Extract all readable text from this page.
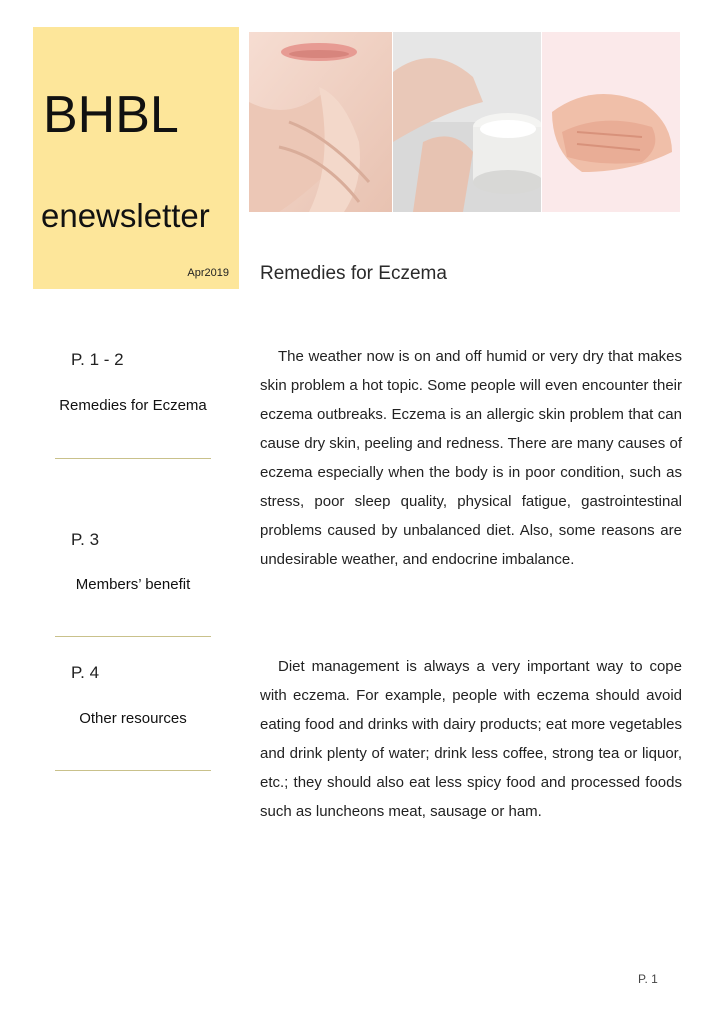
BHBL
enewsletter
Apr2019
P. 1 - 2
Remedies for Eczema
P. 3
Members’ benefit
P. 4
Other resources
Remedies for Eczema

The weather now is on and off humid or very dry that makes skin problem a hot topic. Some people will even encounter their eczema outbreaks. Eczema is an allergic skin problem that can cause dry skin, peeling and redness. There are many causes of eczema especially when the body is in poor condition, such as stress, poor sleep quality, physical fatigue, gastrointestinal problems caused by unbalanced diet. Also, some reasons are undesirable weather, and endocrine imbalance.

Diet management is always a very important way to cope with eczema. For example, people with eczema should avoid eating food and drinks with dairy products; eat more vegetables and drink plenty of water; drink less coffee, strong tea or liquor, etc.; they should also eat less spicy food and processed foods such as luncheons meat, sausage or ham.

P. 1
